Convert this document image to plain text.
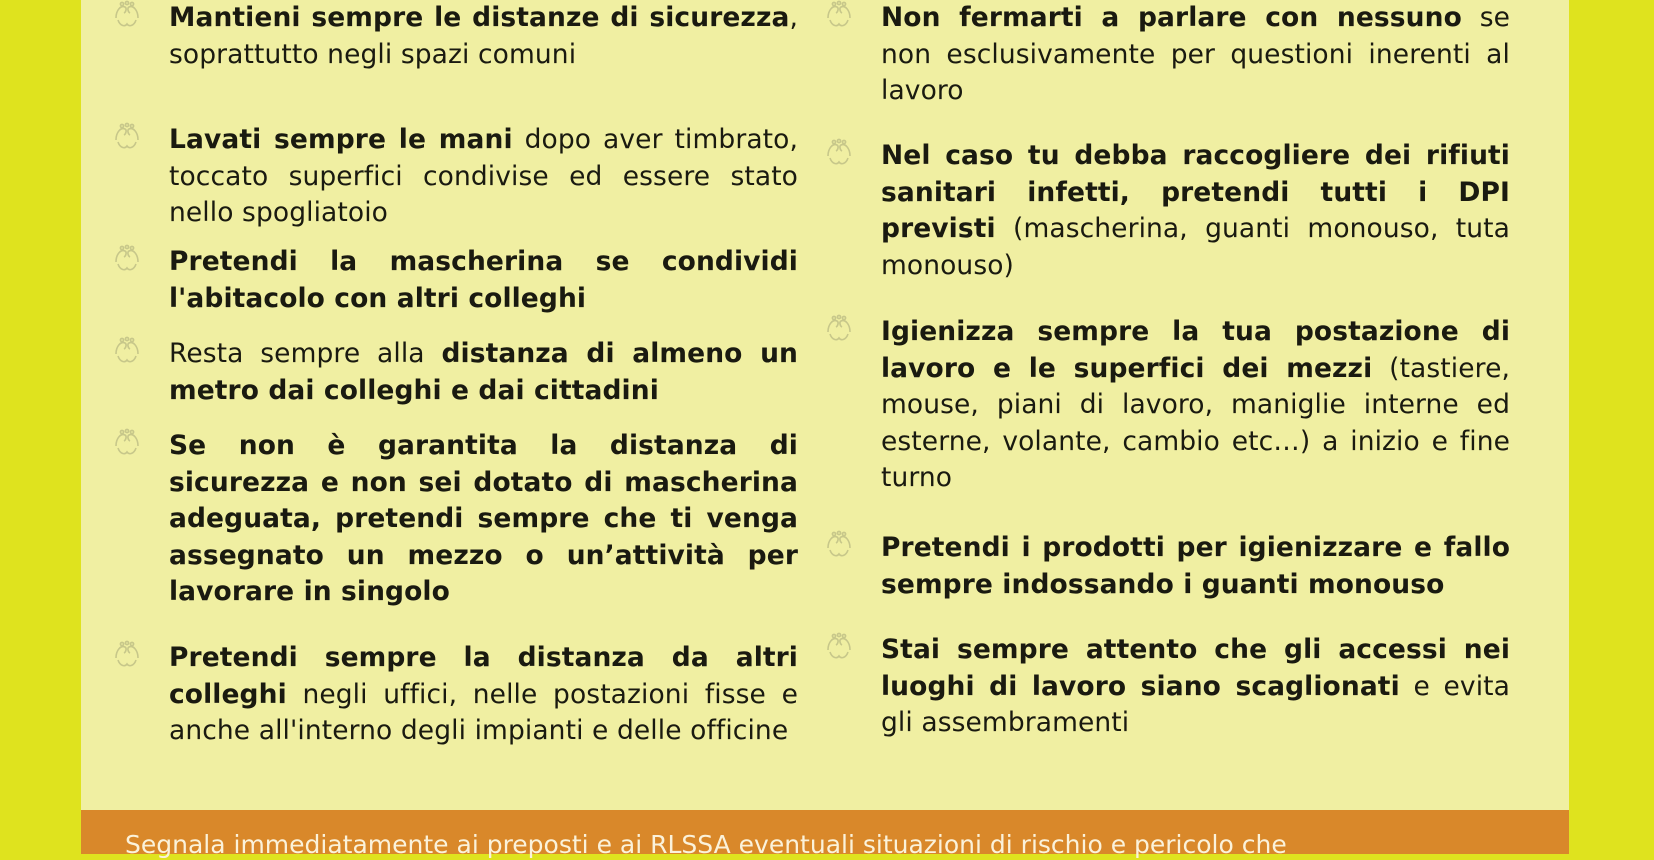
Mantieni sempre le distanze di sicurezza, soprattutto negli spazi comuni
Lavati sempre le mani dopo aver timbrato, toccato superfici condivise ed essere stato nello spogliatoio
Pretendi la mascherina se condividi l'abitacolo con altri colleghi
Resta sempre alla distanza di almeno un metro dai colleghi e dai cittadini
Se non è garantita la distanza di sicurezza e non sei dotato di mascherina adeguata, pretendi sempre che ti venga assegnato un mezzo o un’attività per lavorare in singolo
Pretendi sempre la distanza da altri colleghi negli uffici, nelle postazioni fisse e anche all'interno degli impianti e delle officine
Non fermarti a parlare con nessuno se non esclusivamente per questioni inerenti al lavoro
Nel caso tu debba raccogliere dei rifiuti sanitari infetti, pretendi tutti i DPI previsti (mascherina, guanti monouso, tuta monouso)
Igienizza sempre la tua postazione di lavoro e le superfici dei mezzi (tastiere, mouse, piani di lavoro, maniglie interne ed esterne, volante, cambio etc…) a inizio e fine turno
Pretendi i prodotti per igienizzare e fallo sempre indossando i guanti monouso
Stai sempre attento che gli accessi nei luoghi di lavoro siano scaglionati e evita gli assembramenti
Segnala immediatamente ai preposti e ai RLSSA eventuali situazioni di rischio e pericolo che
